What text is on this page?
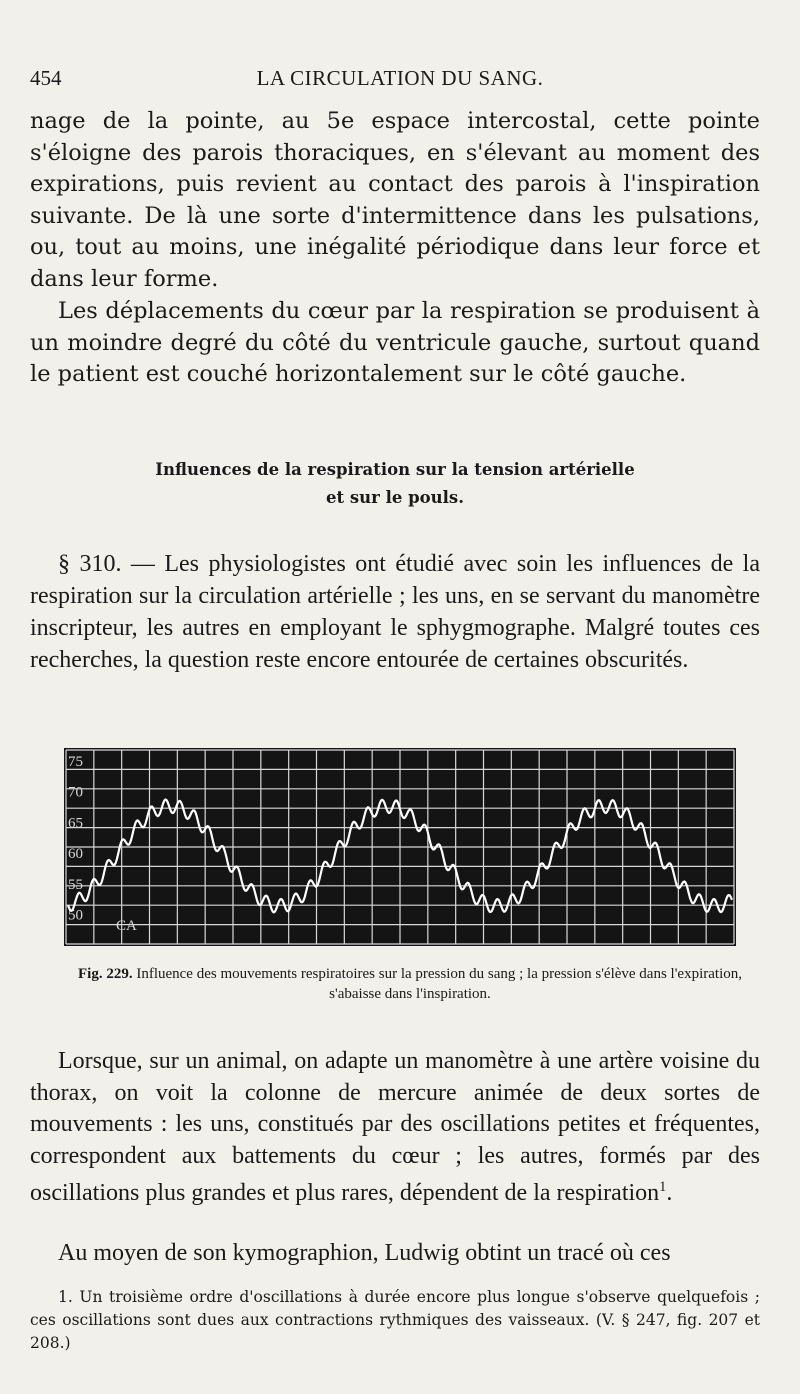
454	LA CIRCULATION DU SANG.

nage de la pointe, au 5e espace intercostal, cette pointe s'éloigne des parois thoraciques, en s'élevant au moment des expirations, puis revient au contact des parois à l'inspiration suivante. De là une sorte d'intermittence dans les pulsations, ou, tout au moins, une inégalité périodique dans leur force et dans leur forme.

Les déplacements du cœur par la respiration se produisent à un moindre degré du côté du ventricule gauche, surtout quand le patient est couché horizontalement sur le côté gauche.

Influences de la respiration sur la tension artérielle
et sur le pouls.

§ 310. — Les physiologistes ont étudié avec soin les influences de la respiration sur la circulation artérielle ; les uns, en se servant du manomètre inscripteur, les autres en employant le sphygmographe. Malgré toutes ces recherches, la question reste encore entourée de certaines obscurités.

75
70
65
60
55
50
CA
Fig. 229. Influence des mouvements respiratoires sur la pression du sang ; la pression s'élève dans l'expiration, s'abaisse dans l'inspiration.

Lorsque, sur un animal, on adapte un manomètre à une artère voisine du thorax, on voit la colonne de mercure animée de deux sortes de mouvements : les uns, constitués par des oscillations petites et fréquentes, correspondent aux battements du cœur ; les autres, formés par des oscillations plus grandes et plus rares, dépendent de la respiration$^1$.

Au moyen de son kymographion, Ludwig obtint un tracé où ces

1. Un troisième ordre d'oscillations à durée encore plus longue s'observe quelquefois ; ces oscillations sont dues aux contractions rythmiques des vaisseaux. (V. § 247, fig. 207 et 208.)
